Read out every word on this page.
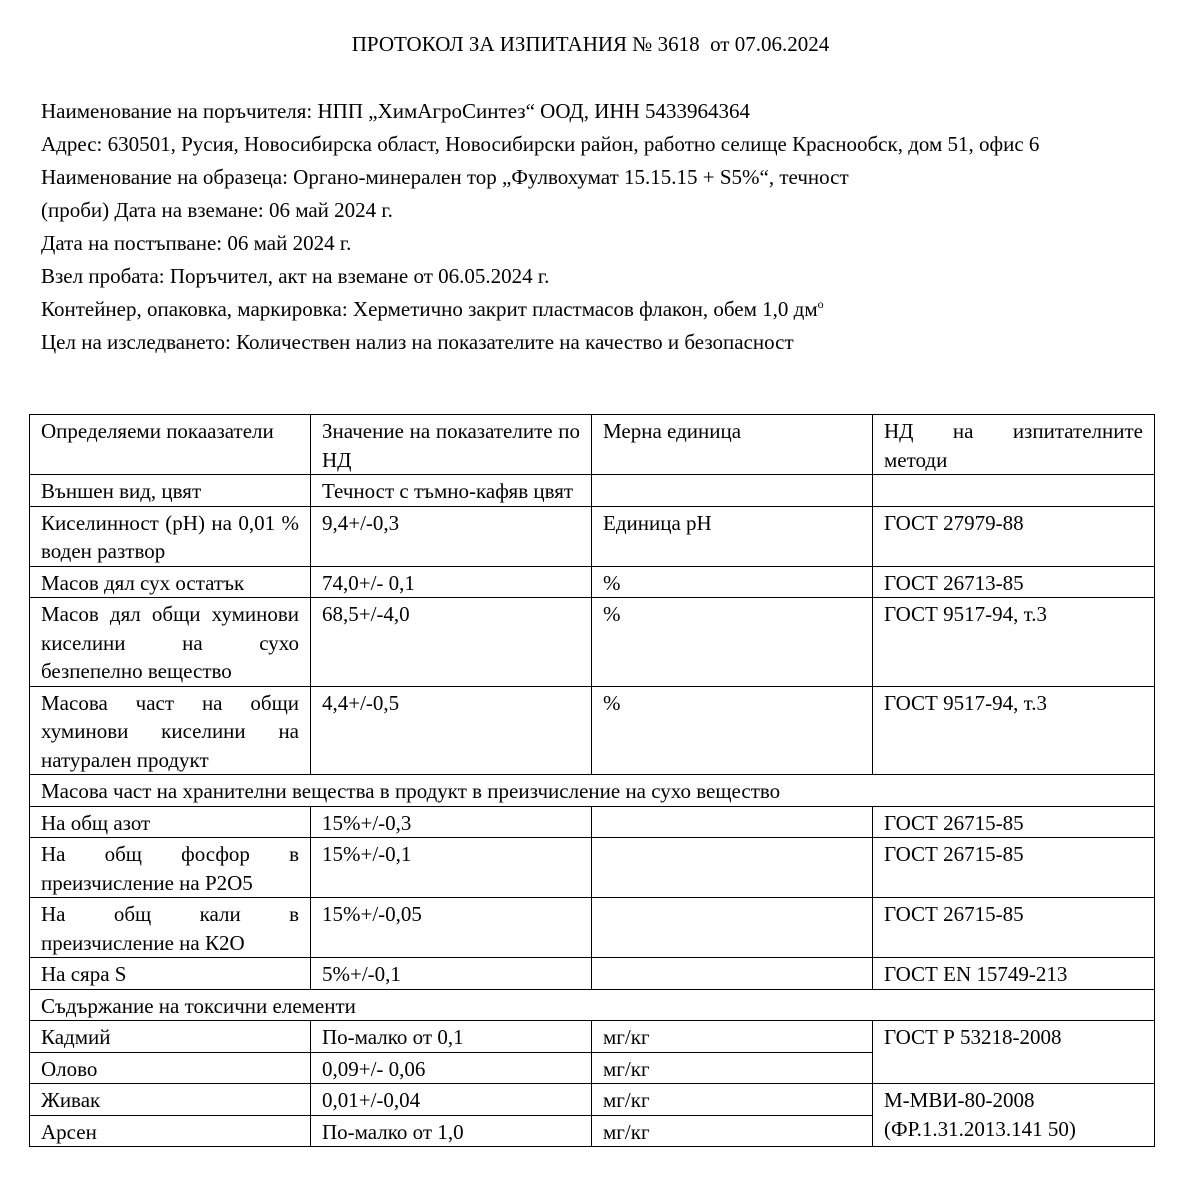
ПРОТОКОЛ ЗА ИЗПИТАНИЯ № 3618  от 07.06.2024

Наименование на поръчителя: НПП „ХимАгроСинтез“ ООД, ИНН 5433964364

Адрес: 630501, Русия, Новосибирска област, Новосибирски район, работно селище Краснообск, дом 51, офис 6

Наименование на образеца: Органо-минерален тор „Фулвохумат 15.15.15 + S5%“, течност

(проби) Дата на вземане: 06 май 2024 г.

Дата на постъпване: 06 май 2024 г.

Взел пробата: Поръчител, акт на вземане от 06.05.2024 г.

Контейнер, опаковка, маркировка: Херметично закрит пластмасов флакон, обем 1,0 $дм^о$

Цел на изследването: Количествен нализ на показателите на качество и безопасност

Определяеми покаазатели	Значение на показателите по НД	Мерна единица	НД на изпитателните методи
Външен вид, цвят	Течност с тъмно-кафяв цвят		
Киселинност (рН) на 0,01 % воден разтвор	9,4+/-0,3	Единица рН	ГОСТ 27979-88
Масов дял сух остатък	74,0+/- 0,1	%	ГОСТ 26713-85
Масов дял общи хуминови киселини на сухо безпепелно вещество	68,5+/-4,0	%	ГОСТ 9517-94, т.3
Масова част на общи хуминови киселини на натурален продукт	4,4+/-0,5	%	ГОСТ 9517-94, т.3
Масова част на хранителни вещества в продукт в преизчисление на сухо вещество			
На общ азот	15%+/-0,3		ГОСТ 26715-85
На общ фосфор в преизчисление на Р2О5	15%+/-0,1		ГОСТ 26715-85
На общ кали в преизчисление на К2О	15%+/-0,05		ГОСТ 26715-85
На сяра S	5%+/-0,1		ГОСТ EN 15749-213
Съдържание на токсични елементи			
Кадмий	По-малко от 0,1	мг/кг	ГОСТ Р 53218-2008
Олово	0,09+/- 0,06	мг/кг	
Живак	0,01+/-0,04	мг/кг	М-МВИ-80-2008 (ФР.1.31.2013.141 50)
Арсен	По-малко от 1,0	мг/кг	
